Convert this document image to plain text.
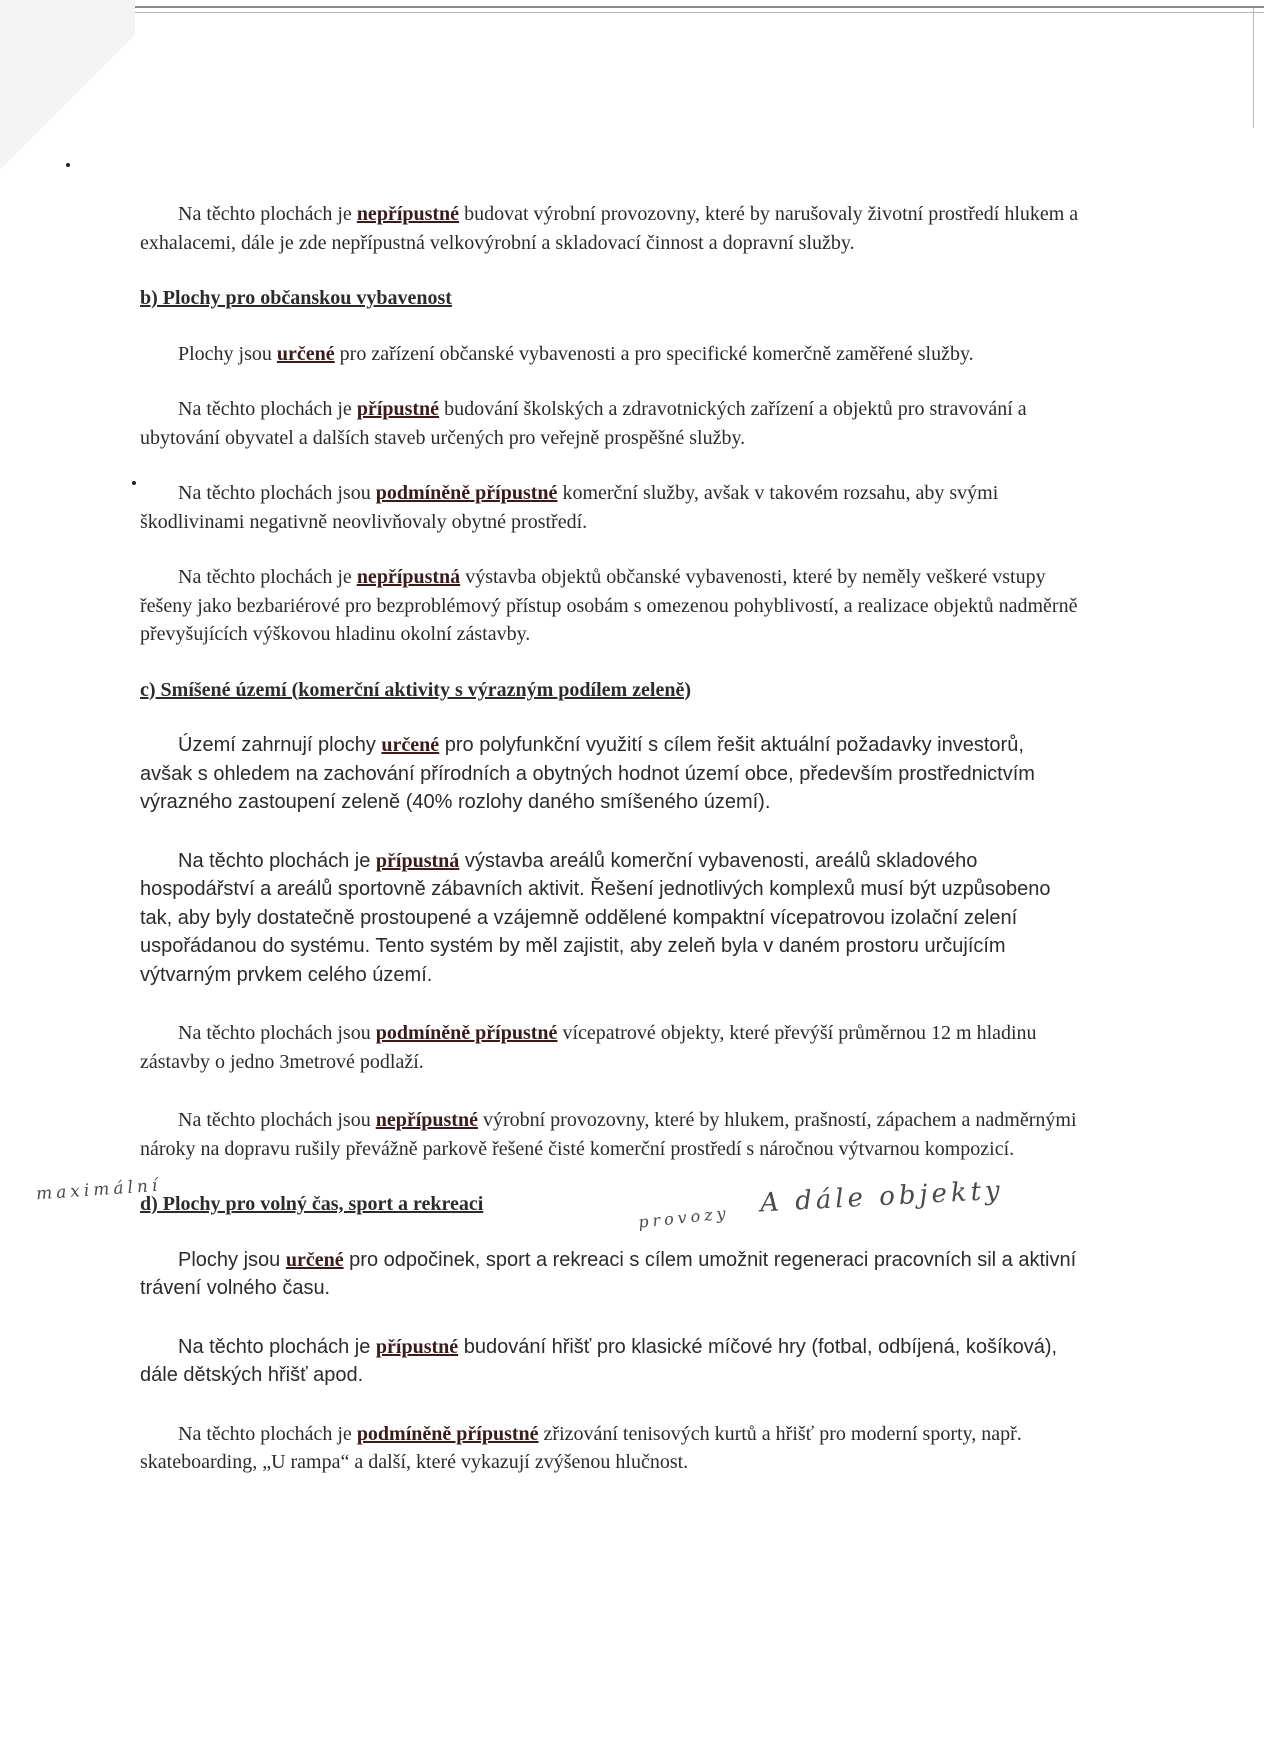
Na těchto plochách je nepřípustné budovat výrobní provozovny, které by narušovaly životní prostředí hlukem a exhalacemi, dále je zde nepřípustná velkovýrobní a skladovací činnost a dopravní služby.

b) Plochy pro občanskou vybavenost

Plochy jsou určené pro zařízení občanské vybavenosti a pro specifické komerčně zaměřené služby.

Na těchto plochách je přípustné budování školských a zdravotnických zařízení a objektů pro stravování a ubytování obyvatel a dalších staveb určených pro veřejně prospěšné služby.

Na těchto plochách jsou podmíněně přípustné komerční služby, avšak v takovém rozsahu, aby svými škodlivinami negativně neovlivňovaly obytné prostředí.

Na těchto plochách je nepřípustná výstavba objektů občanské vybavenosti, které by neměly veškeré vstupy řešeny jako bezbariérové pro bezproblémový přístup osobám s omezenou pohyblivostí, a realizace objektů nadměrně převyšujících výškovou hladinu okolní zástavby.

c) Smíšené území (komerční aktivity s výrazným podílem zeleně)

Území zahrnují plochy určené pro polyfunkční využití s cílem řešit aktuální požadavky investorů, avšak s ohledem na zachování přírodních a obytných hodnot území obce, především prostřednictvím výrazného zastoupení zeleně (40% rozlohy daného smíšeného území).

Na těchto plochách je přípustná výstavba areálů komerční vybavenosti, areálů skladového hospodářství a areálů sportovně zábavních aktivit. Řešení jednotlivých komplexů musí být uzpůsobeno tak, aby byly dostatečně prostoupené a vzájemně oddělené kompaktní vícepatrovou izolační zelení uspořádanou do systému. Tento systém by měl zajistit, aby zeleň byla v daném prostoru určujícím výtvarným prvkem celého území.

Na těchto plochách jsou podmíněně přípustné vícepatrové objekty, které převýší průměrnou 12 m hladinu zástavby o jedno 3metrové podlaží.

Na těchto plochách jsou nepřípustné výrobní provozovny, které by hlukem, prašností, zápachem a nadměrnými nároky na dopravu rušily převážně parkově řešené čisté komerční prostředí s náročnou výtvarnou kompozicí.

d) Plochy pro volný čas, sport a rekreaci

Plochy jsou určené pro odpočinek, sport a rekreaci s cílem umožnit regeneraci pracovních sil a aktivní trávení volného času.

Na těchto plochách je přípustné budování hřišť pro klasické míčové hry (fotbal, odbíjená, košíková), dále dětských hřišť apod.

Na těchto plochách je podmíněně přípustné zřizování tenisových kurtů a hřišť pro moderní sporty, např. skateboarding, „U rampa“ a další, které vykazují zvýšenou hlučnost.

maximální	A dále objekty
provozy
